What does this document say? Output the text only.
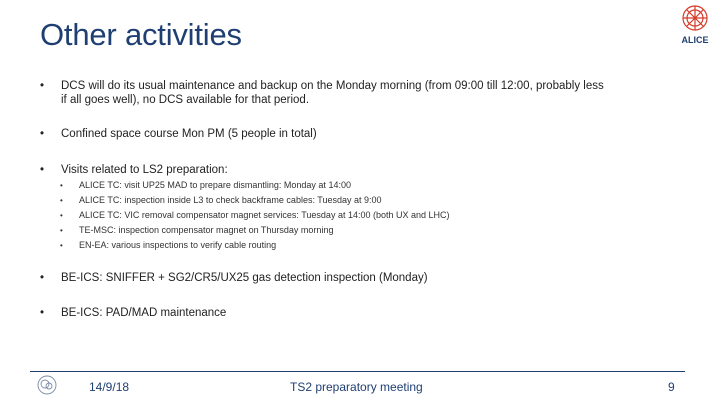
Other activities	ALICE
• DCS will do its usual maintenance and backup on the Monday morning (from 09:00 till 12:00, probably less
if all goes well), no DCS available for that period.
• Confined space course Mon PM (5 people in total)
• Visits related to LS2 preparation:
• ALICE TC: visit UP25 MAD to prepare dismantling: Monday at 14:00
• ALICE TC: inspection inside L3 to check backframe cables: Tuesday at 9:00
• ALICE TC: VIC removal compensator magnet services: Tuesday at 14:00 (both UX and LHC)
• TE-MSC: inspection compensator magnet on Thursday morning
• EN-EA: various inspections to verify cable routing
• BE-ICS: SNIFFER + SG2/CR5/UX25 gas detection inspection (Monday)
• BE-ICS: PAD/MAD maintenance
14/9/18	TS2 preparatory meeting	9
